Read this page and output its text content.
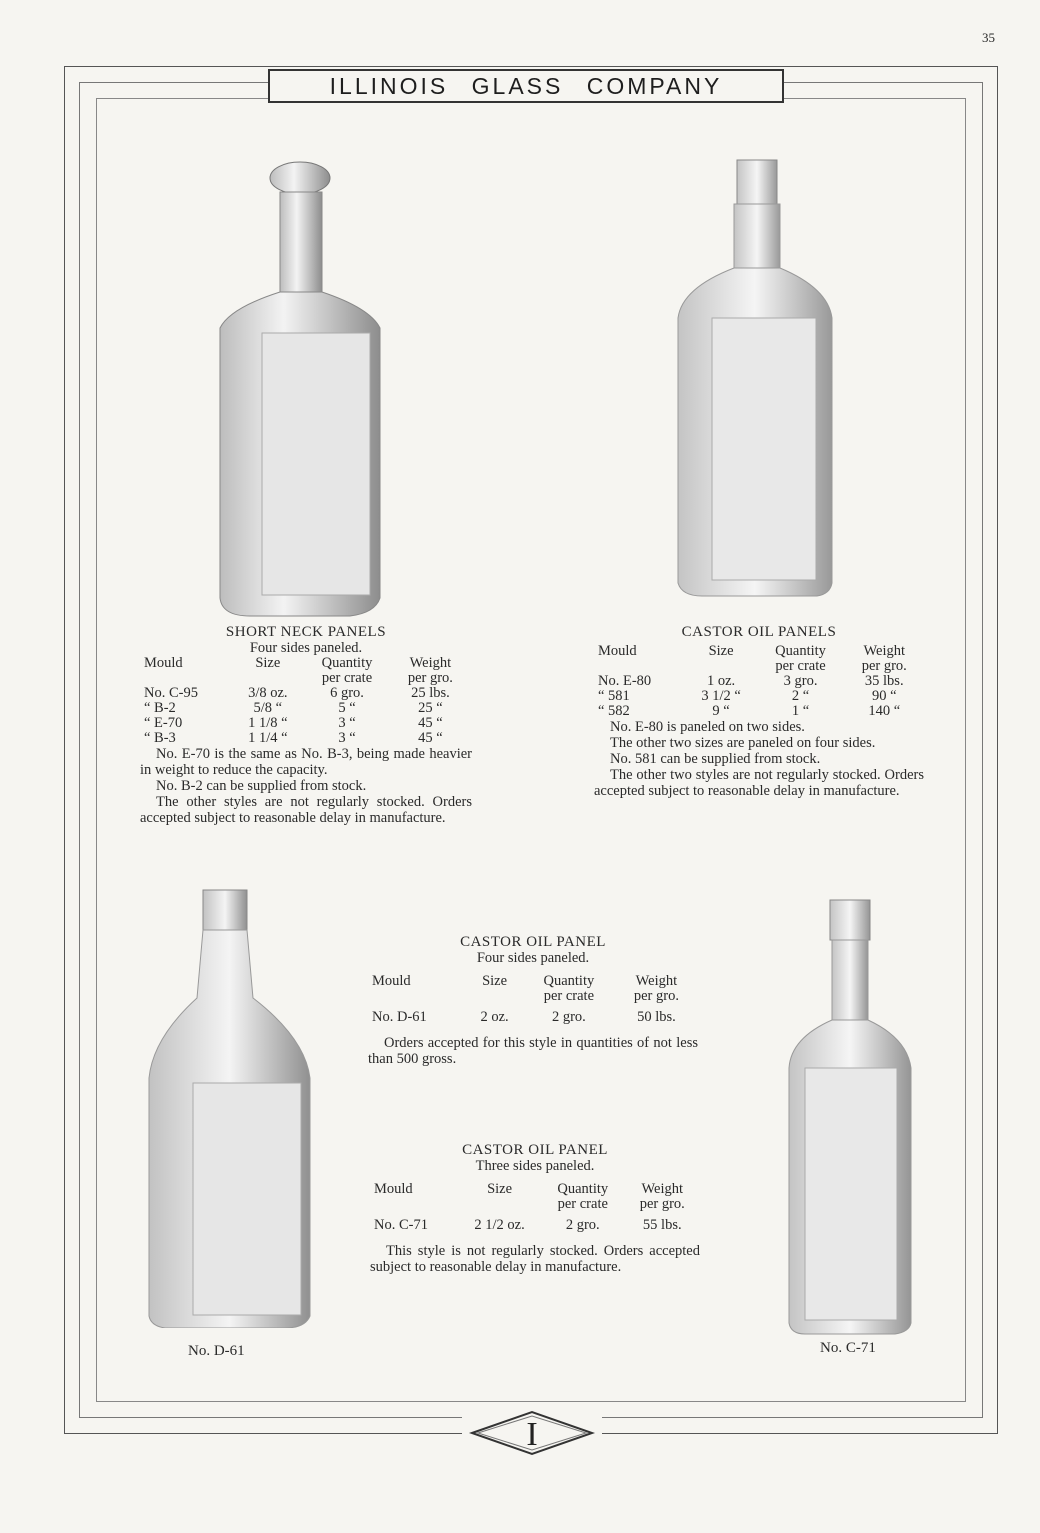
35
ILLINOIS GLASS COMPANY
I
SHORT NECK PANELS
Four sides paneled.
Mould	Size	Quantity	Weight
		per crate	per gro.
No. C-95	3/8 oz.	6 gro.	25 lbs.
“ B-2	5/8 “	5 “	25 “
“ E-70	1 1/8 “	3 “	45 “
“ B-3	1 1/4 “	3 “	45 “

No. E-70 is the same as No. B-3, being made heavier in weight to reduce the capacity.

No. B-2 can be supplied from stock.

The other styles are not regularly stocked. Orders accepted subject to reasonable delay in manufacture.

CASTOR OIL PANELS
Mould	Size	Quantity	Weight
		per crate	per gro.
No. E-80	1 oz.	3 gro.	35 lbs.
“ 581	3 1/2 “	2 “	90 “
“ 582	9 “	1 “	140 “

No. E-80 is paneled on two sides.

The other two sizes are paneled on four sides.

No. 581 can be supplied from stock.

The other two styles are not regularly stocked. Orders accepted subject to reasonable delay in manufacture.

CASTOR OIL PANEL
Four sides paneled.
Mould	Size	Quantity	Weight
		per crate	per gro.
No. D-61	2 oz.	2 gro.	50 lbs.

Orders accepted for this style in quantities of not less than 500 gross.

CASTOR OIL PANEL
Three sides paneled.
Mould	Size	Quantity	Weight
		per crate	per gro.
No. C-71	2 1/2 oz.	2 gro.	55 lbs.

This style is not regularly stocked. Orders accepted subject to reasonable delay in manufacture.

No. D-61	No. C-71
